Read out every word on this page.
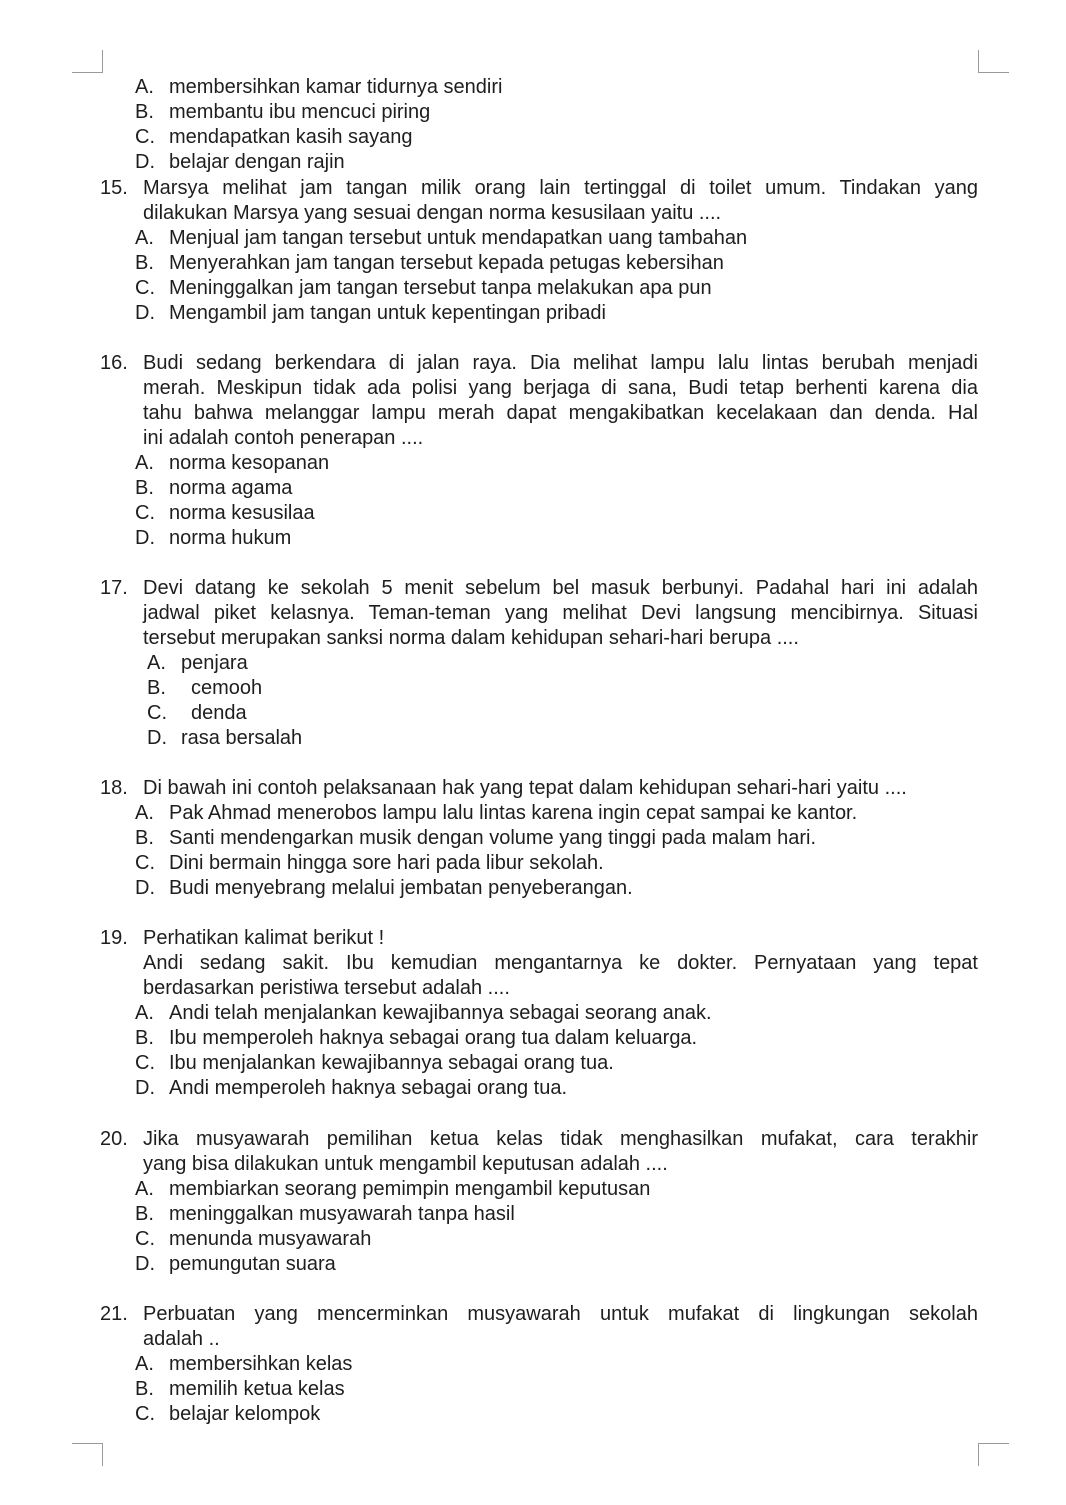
A. membersihkan kamar tidurnya sendiri
B. membantu ibu mencuci piring
C. mendapatkan kasih sayang
D. belajar dengan rajin
15. Marsya melihat jam tangan milik orang lain tertinggal di toilet umum. Tindakan yang
dilakukan Marsya yang sesuai dengan norma kesusilaan yaitu ....
A. Menjual jam tangan tersebut untuk mendapatkan uang tambahan
B. Menyerahkan jam tangan tersebut kepada petugas kebersihan
C. Meninggalkan jam tangan tersebut tanpa melakukan apa pun
D. Mengambil jam tangan untuk kepentingan pribadi
16. Budi sedang berkendara di jalan raya. Dia melihat lampu lalu lintas berubah menjadi
merah. Meskipun tidak ada polisi yang berjaga di sana, Budi tetap berhenti karena dia
tahu bahwa melanggar lampu merah dapat mengakibatkan kecelakaan dan denda. Hal
ini adalah contoh penerapan ....
A. norma kesopanan
B. norma agama
C. norma kesusilaa
D. norma hukum
17. Devi datang ke sekolah 5 menit sebelum bel masuk berbunyi. Padahal hari ini adalah
jadwal piket kelasnya. Teman-teman yang melihat Devi langsung mencibirnya. Situasi
tersebut merupakan sanksi norma dalam kehidupan sehari-hari berupa ....
A. penjara
B. cemooh
C. denda
D. rasa bersalah
18. Di bawah ini contoh pelaksanaan hak yang tepat dalam kehidupan sehari-hari yaitu ....
A. Pak Ahmad menerobos lampu lalu lintas karena ingin cepat sampai ke kantor.
B. Santi mendengarkan musik dengan volume yang tinggi pada malam hari.
C. Dini bermain hingga sore hari pada libur sekolah.
D. Budi menyebrang melalui jembatan penyeberangan.
19. Perhatikan kalimat berikut !
Andi sedang sakit. Ibu kemudian mengantarnya ke dokter. Pernyataan yang tepat
berdasarkan peristiwa tersebut adalah ....
A. Andi telah menjalankan kewajibannya sebagai seorang anak.
B. Ibu memperoleh haknya sebagai orang tua dalam keluarga.
C. Ibu menjalankan kewajibannya sebagai orang tua.
D. Andi memperoleh haknya sebagai orang tua.
20. Jika musyawarah pemilihan ketua kelas tidak menghasilkan mufakat, cara terakhir
yang bisa dilakukan untuk mengambil keputusan adalah ....
A. membiarkan seorang pemimpin mengambil keputusan
B. meninggalkan musyawarah tanpa hasil
C. menunda musyawarah
D. pemungutan suara
21. Perbuatan yang mencerminkan musyawarah untuk mufakat di lingkungan sekolah
adalah ..
A. membersihkan kelas
B. memilih ketua kelas
C. belajar kelompok
